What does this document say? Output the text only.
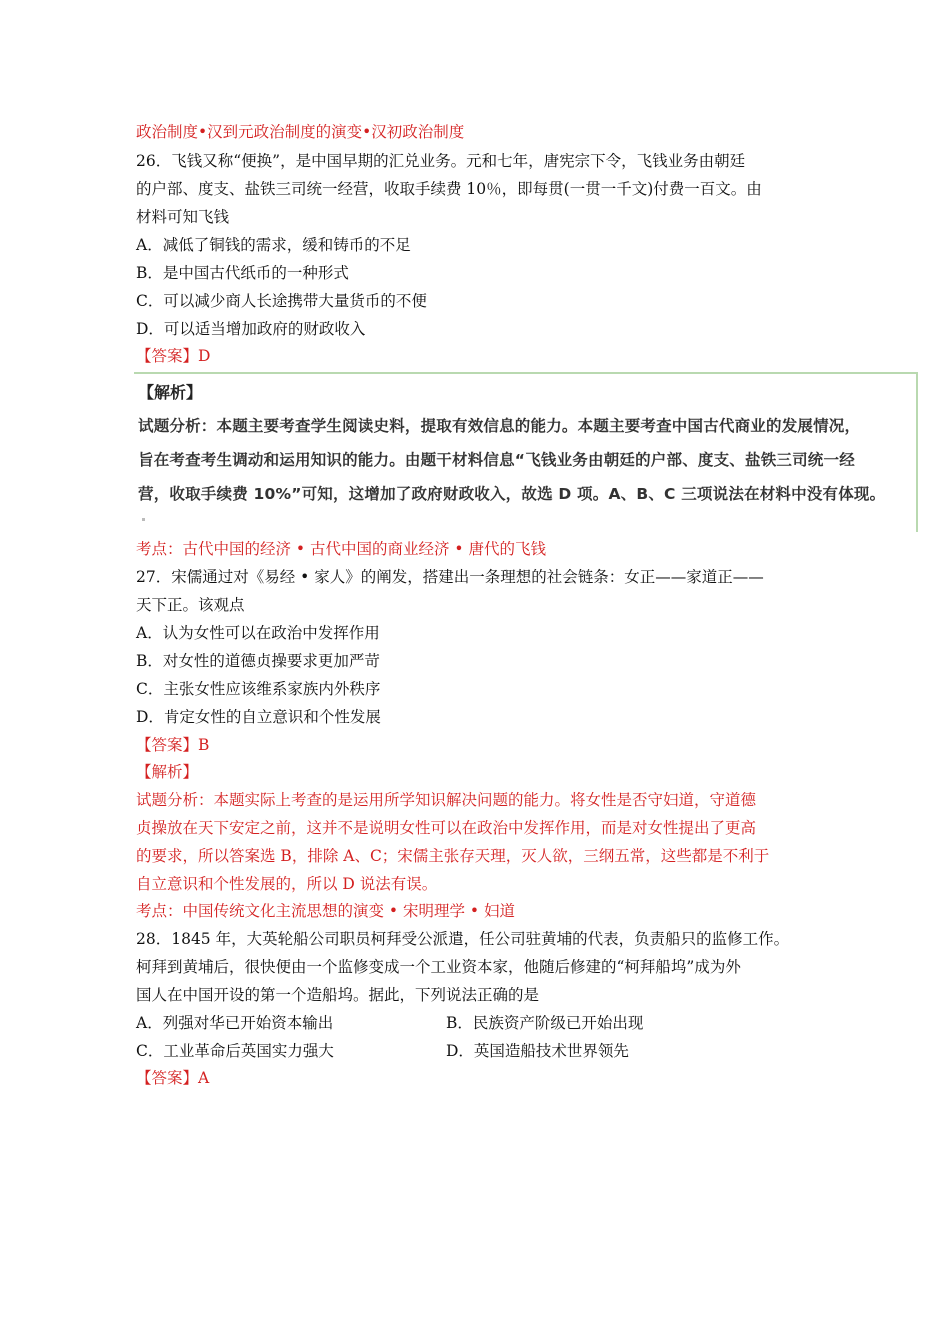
政治制度•汉到元政治制度的演变•汉初政治制度
26．飞钱又称“便换”，是中国早期的汇兑业务。元和七年，唐宪宗下令，飞钱业务由朝廷
的户部、度支、盐铁三司统一经营，收取手续费 10％，即每贯(一贯一千文)付费一百文。由
材料可知飞钱
A．减低了铜钱的需求，缓和铸币的不足
B．是中国古代纸币的一种形式
C．可以减少商人长途携带大量货币的不便
D．可以适当增加政府的财政收入
【答案】D
【解析】
试题分析：本题主要考查学生阅读史料，提取有效信息的能力。本题主要考查中国古代商业的发展情况，
旨在考查考生调动和运用知识的能力。由题干材料信息“飞钱业务由朝廷的户部、度支、盐铁三司统一经
营，收取手续费 10%”可知，这增加了政府财政收入，故选 D 项。A、B、C 三项说法在材料中没有体现。
考点：古代中国的经济 • 古代中国的商业经济 • 唐代的飞钱
27．宋儒通过对《易经 • 家人》的阐发，搭建出一条理想的社会链条：女正——家道正——
天下正。该观点
A．认为女性可以在政治中发挥作用
B．对女性的道德贞操要求更加严苛
C．主张女性应该维系家族内外秩序
D．肯定女性的自立意识和个性发展
【答案】B
【解析】
试题分析：本题实际上考查的是运用所学知识解决问题的能力。将女性是否守妇道，守道德
贞操放在天下安定之前，这并不是说明女性可以在政治中发挥作用，而是对女性提出了更高
的要求，所以答案选 B，排除 A、C；宋儒主张存天理，灭人欲，三纲五常，这些都是不利于
自立意识和个性发展的，所以 D 说法有误。
考点：中国传统文化主流思想的演变 • 宋明理学 • 妇道
28．1845 年，大英轮船公司职员柯拜受公派遣，任公司驻黄埔的代表，负责船只的监修工作。
柯拜到黄埔后，很快便由一个监修变成一个工业资本家，他随后修建的“柯拜船坞”成为外
国人在中国开设的第一个造船坞。据此，下列说法正确的是
A．列强对华已开始资本输出	B．民族资产阶级已开始出现
C．工业革命后英国实力强大	D．英国造船技术世界领先
【答案】A
